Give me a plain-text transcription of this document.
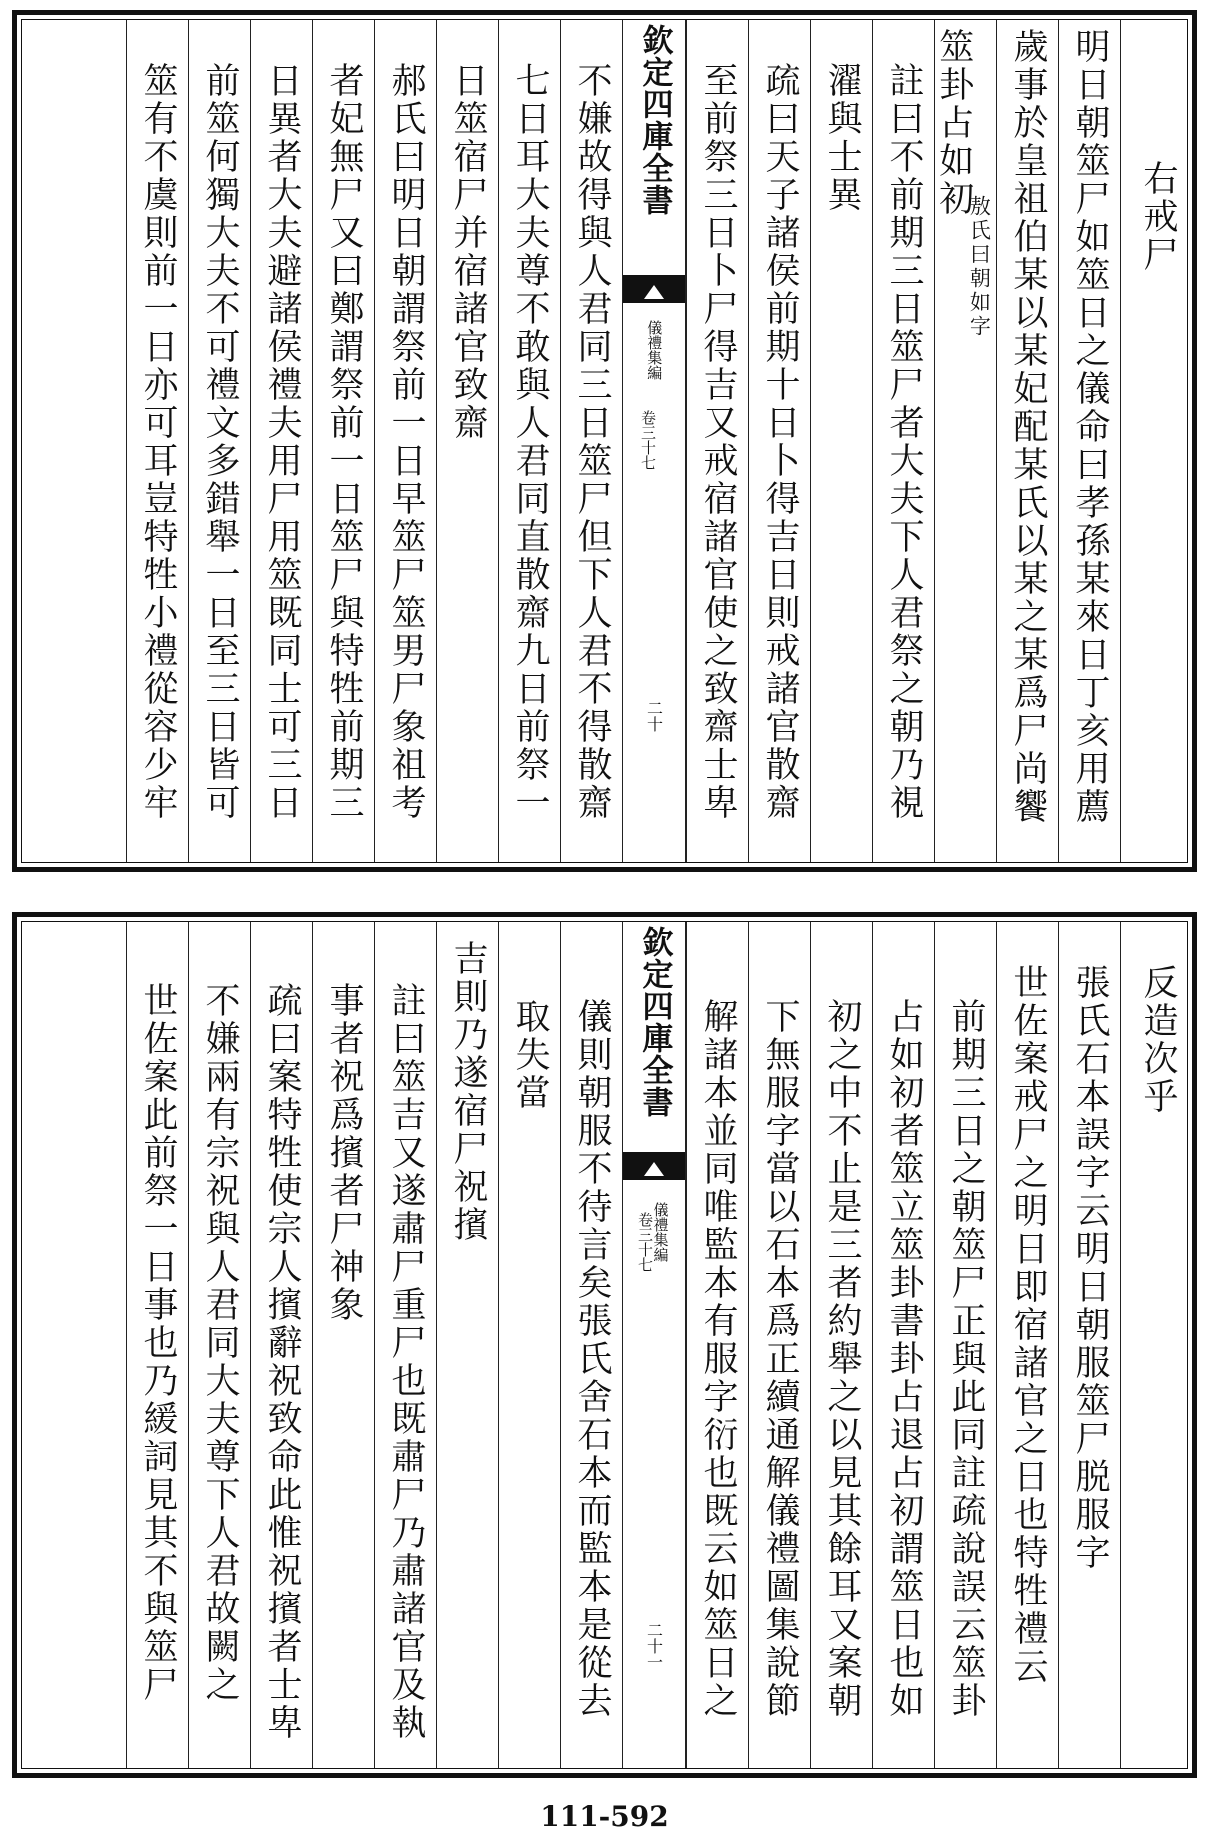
右戒尸
明日朝筮尸如筮日之儀命曰孝孫某來日丁亥用薦
歲事於皇祖伯某以某妃配某氏以某之某爲尸尚饗
筮卦占如初
敖氏曰朝如字
註曰不前期三日筮尸者大夫下人君祭之朝乃視
濯與士異
疏曰天子諸侯前期十日卜得吉日則戒諸官散齋
至前祭三日卜尸得吉又戒宿諸官使之致齋士卑
欽定四庫全書
儀禮集編
卷三十七
二十
不嫌故得與人君同三日筮尸但下人君不得散齋
七日耳大夫尊不敢與人君同直散齋九日前祭一
日筮宿尸并宿諸官致齋
郝氏曰明日朝謂祭前一日早筮尸筮男尸象祖考
者妃無尸又曰鄭謂祭前一日筮尸與特牲前期三
日異者大夫避諸侯禮夫用尸用筮既同士可三日
前筮何獨大夫不可禮文多錯舉一日至三日皆可
筮有不虞則前一日亦可耳豈特牲小禮從容少牢
反造次乎
張氏石本誤字云明日朝服筮尸脱服字
世佐案戒尸之明日即宿諸官之日也特牲禮云
前期三日之朝筮尸正與此同註疏說誤云筮卦
占如初者筮立筮卦書卦占退占初謂筮日也如
初之中不止是三者約舉之以見其餘耳又案朝
下無服字當以石本爲正續通解儀禮圖集說節
解諸本並同唯監本有服字衍也既云如筮日之
欽定四庫全書
儀禮集編
卷三十七
二十一
儀則朝服不待言矣張氏舍石本而監本是從去
取失當
吉則乃遂宿尸祝擯
註曰筮吉又遂肅尸重尸也既肅尸乃肅諸官及執
事者祝爲擯者尸神象
疏曰案特牲使宗人擯辭祝致命此惟祝擯者士卑
不嫌兩有宗祝與人君同大夫尊下人君故闕之
世佐案此前祭一日事也乃緩詞見其不與筮尸
111-592
